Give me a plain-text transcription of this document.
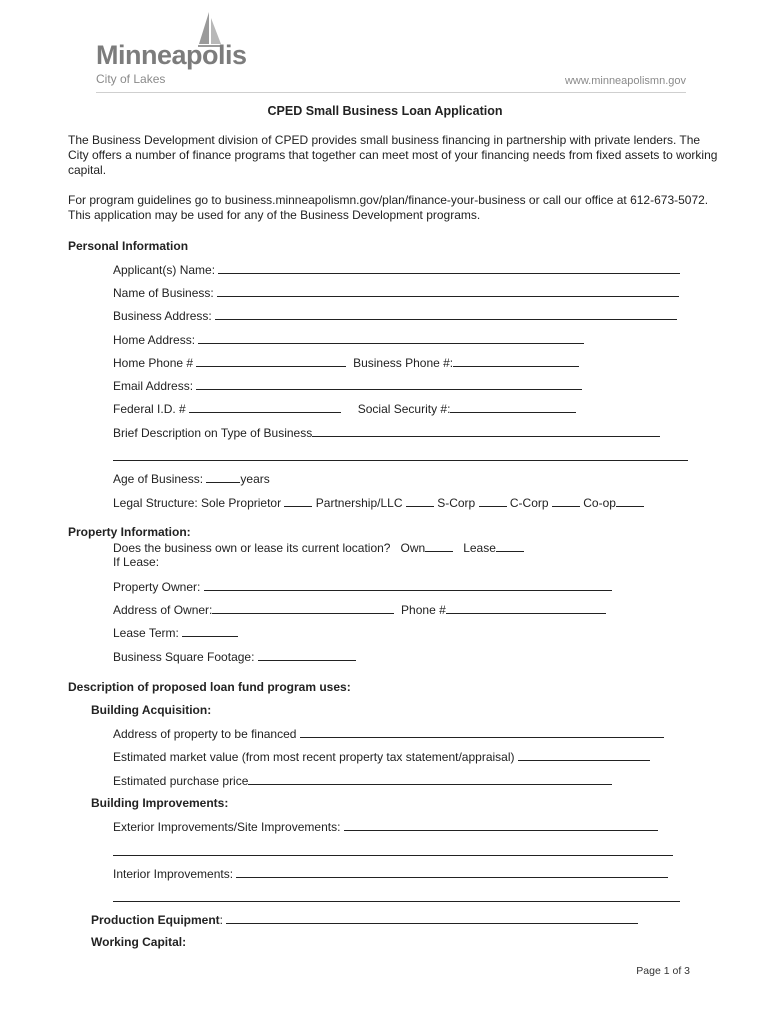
Minneapolis
City of Lakes	www.minneapolismn.gov
CPED Small Business Loan Application
The Business Development division of CPED provides small business financing in partnership with private lenders. The City offers a number of finance programs that together can meet most of your financing needs from fixed assets to working capital.
For program guidelines go to business.minneapolismn.gov/plan/finance-your-business or call our office at 612-673-5072. This application may be used for any of the Business Development programs.
Personal Information
Applicant(s) Name:
Name of Business:
Business Address:
Home Address:
Home Phone #	Business Phone #:
Email Address:
Federal I.D. #	Social Security #:
Brief Description on Type of Business
Age of Business:	years
Legal Structure: Sole Proprietor	Partnership/LLC	S-Corp	C-Corp	Co-op
Property Information:
Does the business own or lease its current location? Own	Lease
If Lease:
Property Owner:
Address of Owner:	Phone #
Lease Term:
Business Square Footage:
Description of proposed loan fund program uses:
Building Acquisition:
Address of property to be financed
Estimated market value (from most recent property tax statement/appraisal)
Estimated purchase price
Building Improvements:
Exterior Improvements/Site Improvements:
Interior Improvements:
Production Equipment:
Working Capital:
Page 1 of 3
